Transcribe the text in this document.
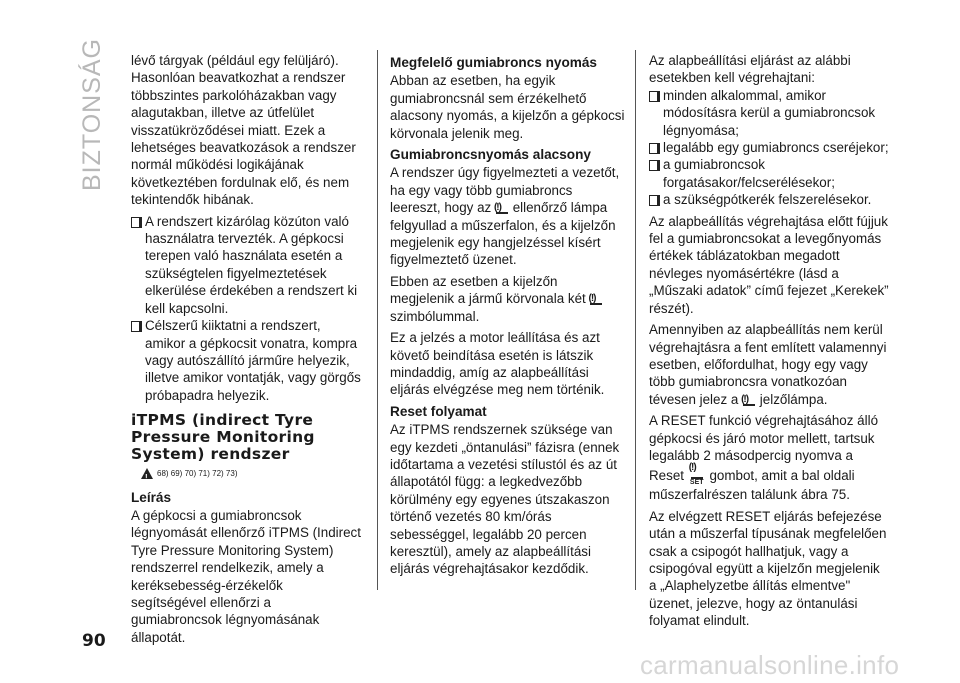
BIZTONSÁG lévő tárgyak (például egy felüljáró). Hasonlóan beavatkozhat a rendszer többszintes parkolóházakban vagy alagutakban, illetve az útfelület visszatükröződései miatt. Ezek a lehetséges beavatkozások a rendszer normál működési logikájának következtében fordulnak elő, és nem tekintendők hibának.

A rendszert kizárólag közúton való használatra tervezték. A gépkocsi terepen való használata esetén a szükségtelen figyelmeztetések elkerülése érdekében a rendszert ki kell kapcsolni.
Célszerű kiiktatni a rendszert, amikor a gépkocsit vonatra, kompra vagy autószállító járműre helyezik, illetve amikor vontatják, vagy görgős próbapadra helyezik.
iTPMS (indirect Tyre Pressure Monitoring System) rendszer
!
68) 69) 70) 71) 72) 73)
Leírás

A gépkocsi a gumiabroncsok légnyomását ellenőrző iTPMS (Indirect Tyre Pressure Monitoring System) rendszerrel rendelkezik, amely a keréksebesség-érzékelők segítségével ellenőrzi a gumiabroncsok légnyomásának állapotát.

Megfelelő gumiabroncs nyomás

Abban az esetben, ha egyik gumiabroncsnál sem érzékelhető alacsony nyomás, a kijelzőn a gépkocsi körvonala jelenik meg.

Gumiabroncsnyomás alacsony

A rendszer úgy figyelmezteti a vezetőt, ha egy vagy több gumiabroncs leereszt, hogy az (!) ellenőrző lámpa felgyullad a műszerfalon, és a kijelzőn megjelenik egy hangjelzéssel kísért figyelmeztető üzenet.

Ebben az esetben a kijelzőn megjelenik a jármű körvonala két (!) szimbólummal.

Ez a jelzés a motor leállítása és azt követő beindítása esetén is látszik mindaddig, amíg az alapbeállítási eljárás elvégzése meg nem történik.

Reset folyamat

Az iTPMS rendszernek szüksége van egy kezdeti „öntanulási” fázisra (ennek időtartama a vezetési stílustól és az út állapotától függ: a legkedvezőbb körülmény egy egyenes útszakaszon történő vezetés 80 km/órás sebességgel, legalább 20 percen keresztül), amely az alapbeállítási eljárás végrehajtásakor kezdődik.

Az alapbeállítási eljárást az alábbi esetekben kell végrehajtani:

minden alkalommal, amikor módosításra kerül a gumiabroncsok légnyomása;
legalább egy gumiabroncs cseréjekor;
a gumiabroncsok forgatásakor/felcserélésekor;
a szükségpótkerék felszerelésekor.

Az alapbeállítás végrehajtása előtt fújjuk fel a gumiabroncsokat a levegőnyomás értékek táblázatokban megadott névleges nyomásértékre (lásd a „Műszaki adatok” című fejezet „Kerekek” részét).

Amennyiben az alapbeállítás nem kerül végrehajtásra a fent említett valamennyi esetben, előfordulhat, hogy egy vagy több gumiabroncsra vonatkozóan tévesen jelez a (!) jelzőlámpa.

A RESET funkció végrehajtásához álló gépkocsi és járó motor mellett, tartsuk legalább 2 másodpercig nyomva a Reset (!) SET gombot, amit a bal oldali műszerfalrészen találunk ábra 75.

Az elvégzett RESET eljárás befejezése után a műszerfal típusának megfelelően csak a csipogót hallhatjuk, vagy a csipogóval együtt a kijelzőn megjelenik a „Alaphelyzetbe állítás elmentve" üzenet, jelezve, hogy az öntanulási folyamat elindult.

90
carmanualsonline.info
